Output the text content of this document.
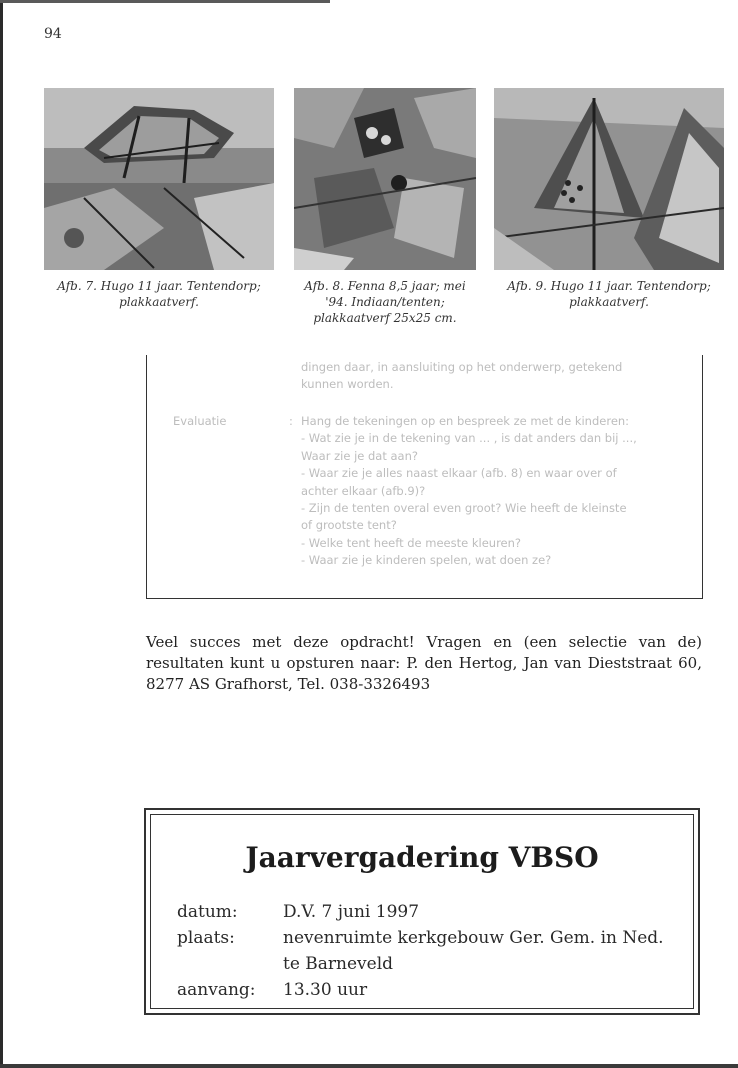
94
Afb. 7. Hugo 11 jaar. Tentendorp;
plakkaatverf.
Afb. 8. Fenna 8,5 jaar; mei
'94. Indiaan/tenten;
plakkaatverf 25x25 cm.
Afb. 9. Hugo 11 jaar. Tentendorp;
plakkaatverf.
dingen daar, in aansluiting op het onderwerp, getekend
kunnen worden.
Evaluatie	: Hang de tekeningen op en bespreek ze met de kinderen:
- Wat zie je in de tekening van ... , is dat anders dan bij ...,
Waar zie je dat aan?
- Waar zie je alles naast elkaar (afb. 8) en waar over of
achter elkaar (afb.9)?
- Zijn de tenten overal even groot? Wie heeft de kleinste
of grootste tent?
- Welke tent heeft de meeste kleuren?
- Waar zie je kinderen spelen, wat doen ze?
Veel succes met deze opdracht! Vragen en (een selectie van de) resultaten kunt u opsturen naar: P. den Hertog, Jan van Dieststraat 60, 8277 AS Grafhorst, Tel. 038-3326493
Jaarvergadering VBSO
datum:	D.V. 7 juni 1997
plaats:	nevenruimte kerkgebouw Ger. Gem. in Ned.
te Barneveld
aanvang: 13.30 uur
